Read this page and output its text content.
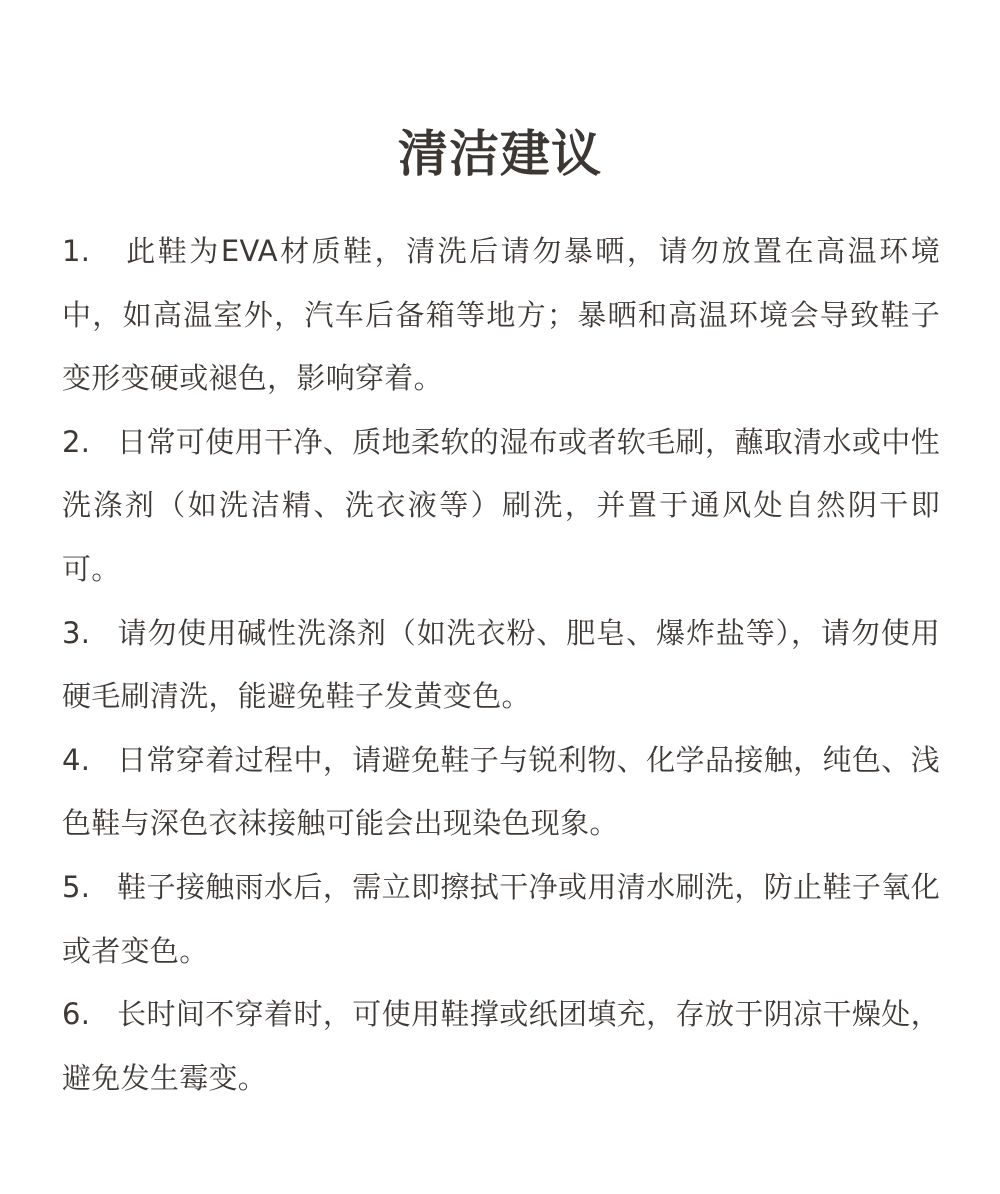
清洁建议
1. 此鞋为EVA材质鞋，清洗后请勿暴晒，请勿放置在高温环境中，如高温室外，汽车后备箱等地方；暴晒和高温环境会导致鞋子变形变硬或褪色，影响穿着。
2. 日常可使用干净、质地柔软的湿布或者软毛刷，蘸取清水或中性洗涤剂（如洗洁精、洗衣液等）刷洗，并置于通风处自然阴干即可。
3. 请勿使用碱性洗涤剂（如洗衣粉、肥皂、爆炸盐等），请勿使用硬毛刷清洗，能避免鞋子发黄变色。
4. 日常穿着过程中，请避免鞋子与锐利物、化学品接触，纯色、浅色鞋与深色衣袜接触可能会出现染色现象。
5. 鞋子接触雨水后，需立即擦拭干净或用清水刷洗，防止鞋子氧化或者变色。
6. 长时间不穿着时，可使用鞋撑或纸团填充，存放于阴凉干燥处，避免发生霉变。
